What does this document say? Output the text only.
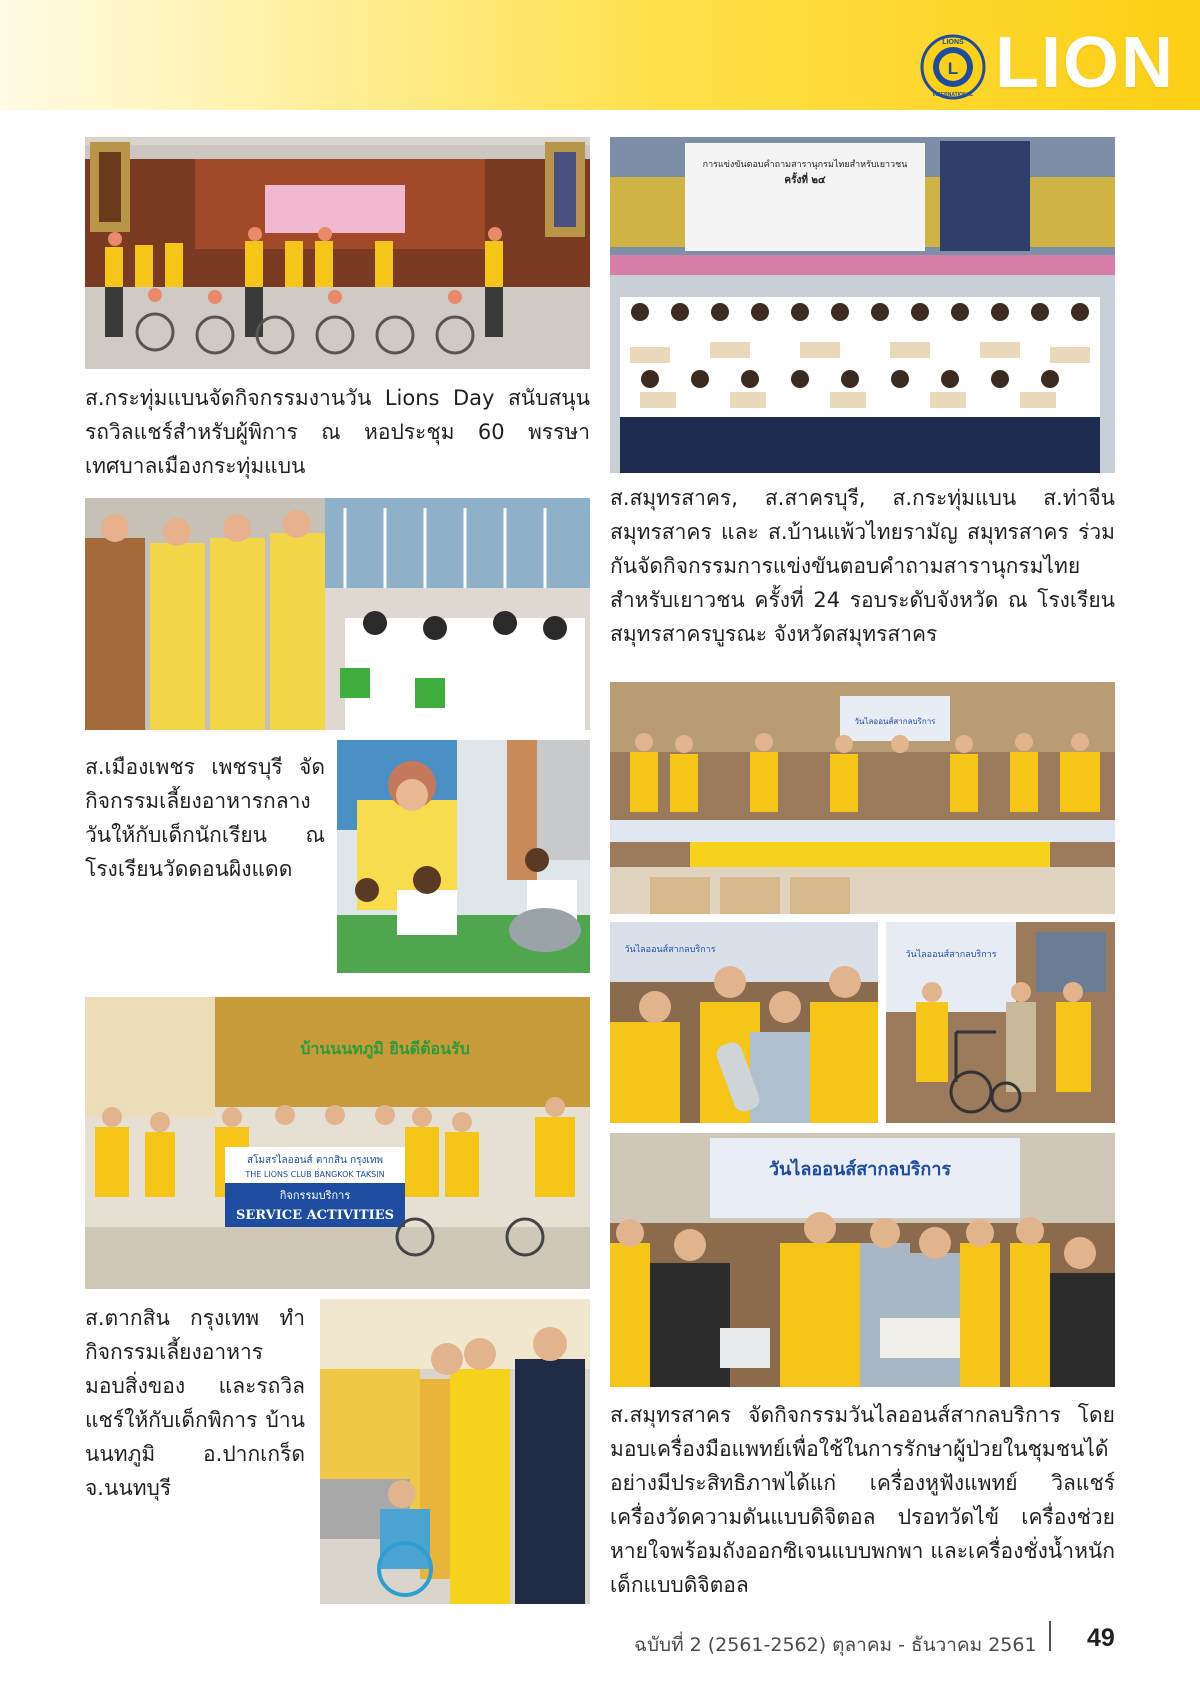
L
LIONS
INTERNATIONAL LION

ส.กระทุ่มแบนจัดกิจกรรมงานวัน Lions Day สนับสนุนรถวิลแชร์สำหรับผู้พิการ ณ หอประชุม 60 พรรษา เทศบาลเมืองกระทุ่มแบน

การแข่งขันตอบคำถามสารานุกรมไทยสำหรับเยาวชน
ครั้งที่ ๒๔

ส.สมุทรสาคร, ส.สาครบุรี, ส.กระทุ่มแบน ส.ท่าจีน สมุทรสาคร และ ส.บ้านแพ้วไทยรามัญ สมุทรสาคร ร่วมกันจัดกิจกรรมการแข่งขันตอบคำถามสารานุกรมไทยสำหรับเยาวชน ครั้งที่ 24 รอบระดับจังหวัด ณ โรงเรียนสมุทรสาครบูรณะ จังหวัดสมุทรสาคร

ส.เมืองเพชร เพชรบุรี จัดกิจกรรมเลี้ยงอาหารกลางวันให้กับเด็กนักเรียน ณ โรงเรียนวัดดอนผิงแดด

วันไลออนส์สากลบริการ
วันไลออนส์สากลบริการ	วันไลออนส์สากลบริการ
บ้านนนทภูมิ ยินดีต้อนรับ
สโมสรไลออนส์ ตากสิน กรุงเทพ
THE LIONS CLUB BANGKOK TAKSIN
กิจกรรมบริการ
SERVICE ACTIVITIES

ส.ตากสิน กรุงเทพ ทำกิจกรรมเลี้ยงอาหาร มอบสิ่งของ และรถวิลแชร์ให้กับเด็กพิการ บ้านนนทภูมิ อ.ปากเกร็ด จ.นนทบุรี

วันไลออนส์สากลบริการ

ส.สมุทรสาคร จัดกิจกรรมวันไลออนส์สากลบริการ โดยมอบเครื่องมือแพทย์เพื่อใช้ในการรักษาผู้ป่วยในชุมชนได้อย่างมีประสิทธิภาพได้แก่ เครื่องหูฟังแพทย์ วิลแชร์ เครื่องวัดความดันแบบดิจิตอล ปรอทวัดไข้ เครื่องช่วยหายใจพร้อมถังออกซิเจนแบบพกพา และเครื่องชั่งน้ำหนักเด็กแบบดิจิตอล

ฉบับที่ 2 (2561-2562) ตุลาคม - ธันวาคม 2561 49
